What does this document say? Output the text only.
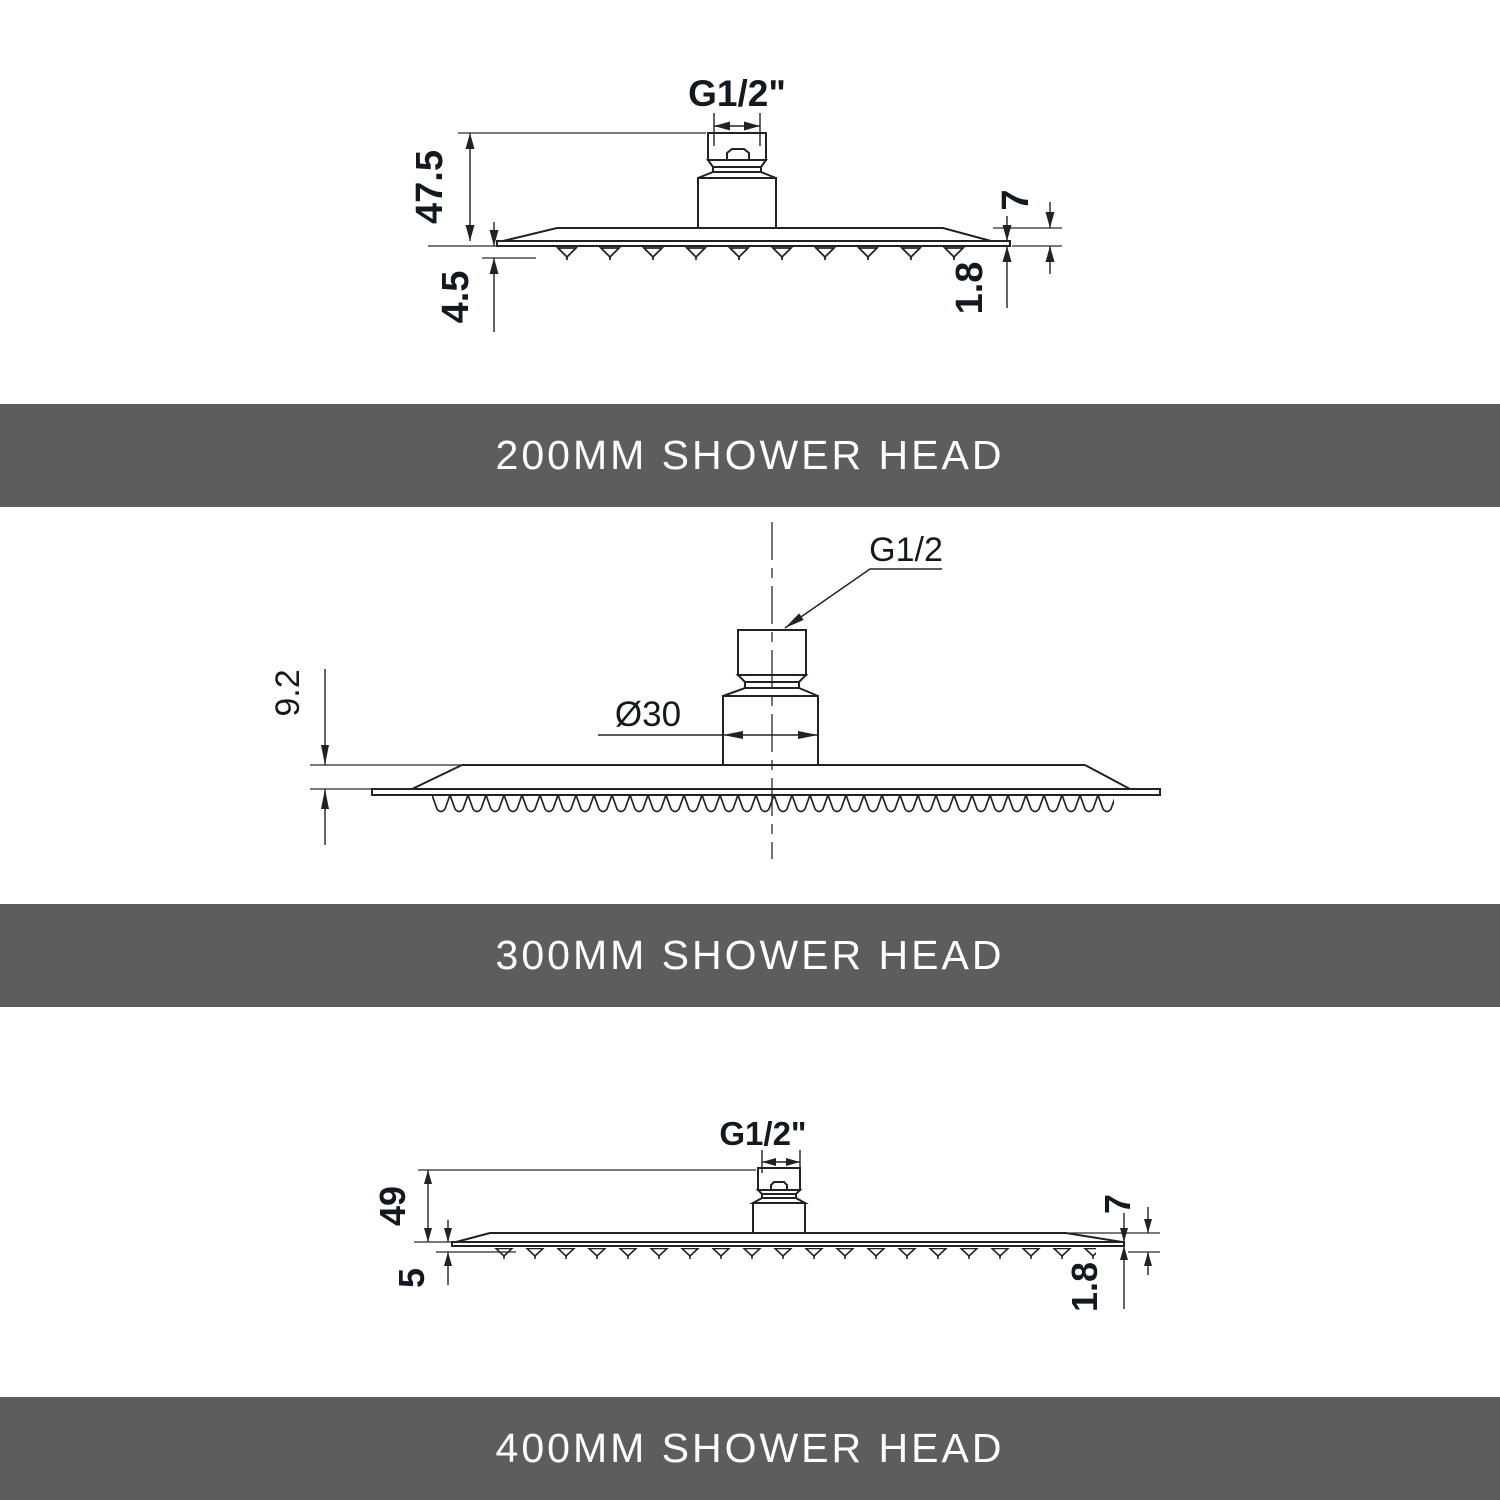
G1/2"
47.5
4.5
7
1.8
200MM SHOWER HEAD
G1/2
Ø30
9.2
300MM SHOWER HEAD
G1/2"
49
5
7
1.8
400MM SHOWER HEAD
